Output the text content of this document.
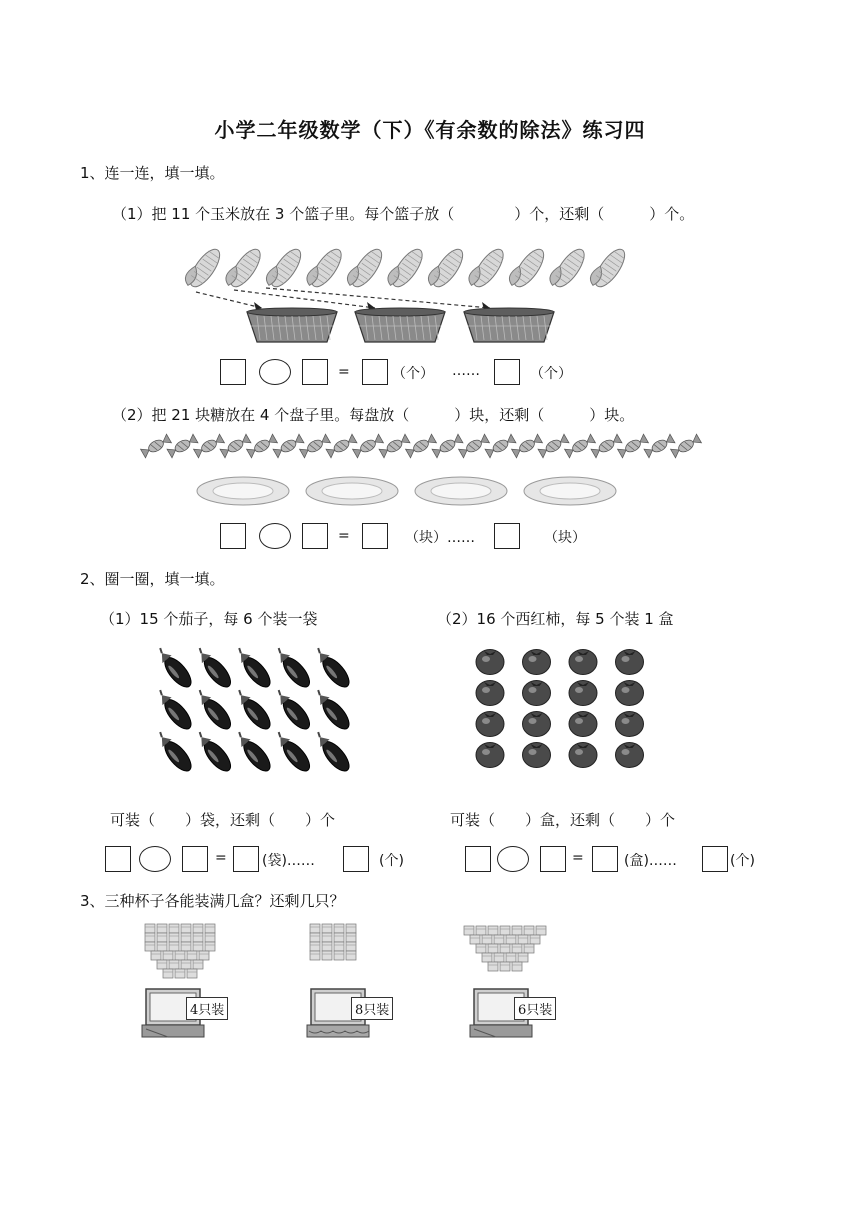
小学二年级数学（下）《有余数的除法》练习四
1、连一连，填一填。
（1）把 11 个玉米放在 3 个篮子里。每个篮子放（　　　　）个，还剩（　　　）个。
=	（个） ……	（个）
（2）把 21 块糖放在 4 个盘子里。每盘放（　　　）块，还剩（　　　）块。
=	（块）……	（块）
2、圈一圈，填一填。
（1）15 个茄子，每 6 个装一袋	（2）16 个西红柿，每 5 个装 1 盒
可装（　　）袋，还剩（　　）个	可装（　　）盒，还剩（　　）个
=	(袋)……	(个)	=	(盒)……	(个)
3、三种杯子各能装满几盒？还剩几只？
4只装	8只装	6只装
